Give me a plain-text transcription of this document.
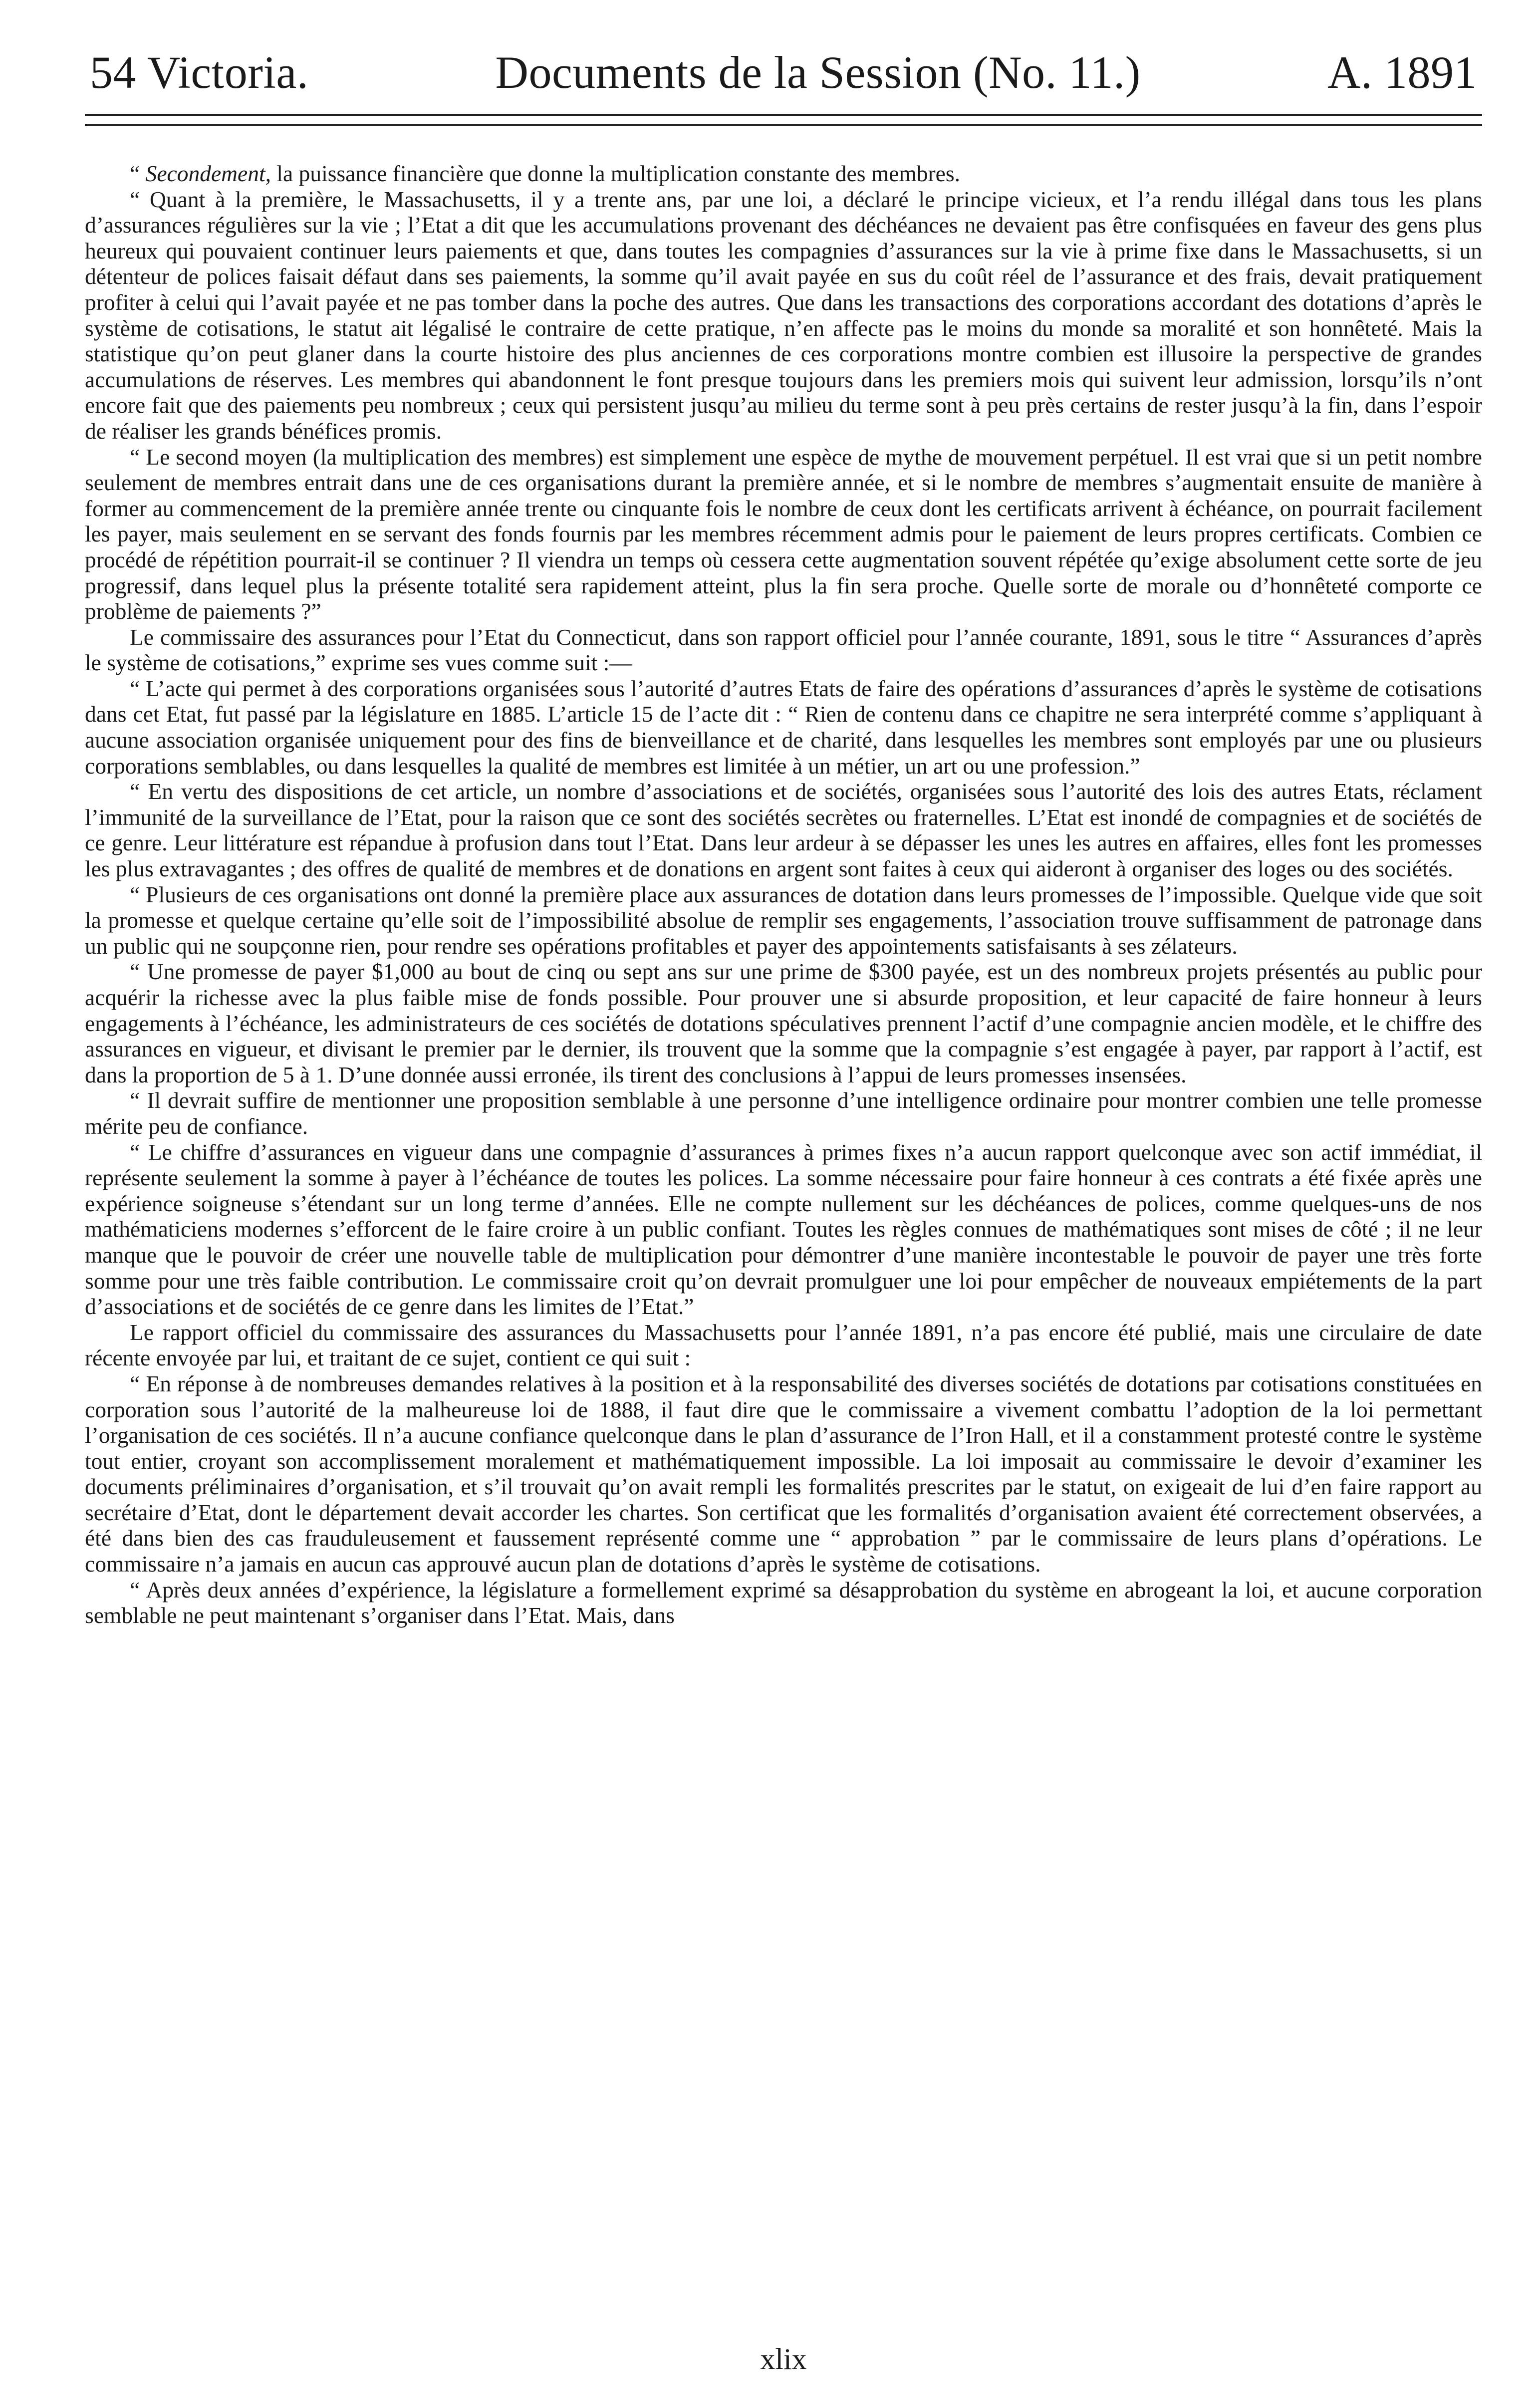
54 Victoria.	Documents de la Session (No. 11.)	A. 1891

“ Secondement, la puissance financière que donne la multiplication constante des membres.

“ Quant à la première, le Massachusetts, il y a trente ans, par une loi, a déclaré le principe vicieux, et l’a rendu illégal dans tous les plans d’assurances régulières sur la vie ; l’Etat a dit que les accumulations provenant des déchéances ne devaient pas être confisquées en faveur des gens plus heureux qui pouvaient continuer leurs paiements et que, dans toutes les compagnies d’assurances sur la vie à prime fixe dans le Massachusetts, si un détenteur de polices faisait défaut dans ses paiements, la somme qu’il avait payée en sus du coût réel de l’assurance et des frais, devait pratiquement profiter à celui qui l’avait payée et ne pas tomber dans la poche des autres. Que dans les transactions des corporations accordant des dotations d’après le système de cotisations, le statut ait légalisé le contraire de cette pratique, n’en affecte pas le moins du monde sa moralité et son honnêteté. Mais la statistique qu’on peut glaner dans la courte histoire des plus anciennes de ces corporations montre combien est illusoire la perspective de grandes accumulations de réserves. Les membres qui abandonnent le font presque toujours dans les premiers mois qui suivent leur admission, lorsqu’ils n’ont encore fait que des paiements peu nombreux ; ceux qui persistent jusqu’au milieu du terme sont à peu près certains de rester jusqu’à la fin, dans l’espoir de réaliser les grands bénéfices promis.

“ Le second moyen (la multiplication des membres) est simplement une espèce de mythe de mouvement perpétuel. Il est vrai que si un petit nombre seulement de membres entrait dans une de ces organisations durant la première année, et si le nombre de membres s’augmentait ensuite de manière à former au commencement de la première année trente ou cinquante fois le nombre de ceux dont les certificats arrivent à échéance, on pourrait facilement les payer, mais seulement en se servant des fonds fournis par les membres récemment admis pour le paiement de leurs propres certificats. Combien ce procédé de répétition pourrait-il se continuer ? Il viendra un temps où cessera cette augmentation souvent répétée qu’exige absolument cette sorte de jeu progressif, dans lequel plus la présente totalité sera rapidement atteint, plus la fin sera proche. Quelle sorte de morale ou d’honnêteté comporte ce problème de paiements ?”

Le commissaire des assurances pour l’Etat du Connecticut, dans son rapport officiel pour l’année courante, 1891, sous le titre “ Assurances d’après le système de cotisations,” exprime ses vues comme suit :—

“ L’acte qui permet à des corporations organisées sous l’autorité d’autres Etats de faire des opérations d’assurances d’après le système de cotisations dans cet Etat, fut passé par la législature en 1885. L’article 15 de l’acte dit : “ Rien de contenu dans ce chapitre ne sera interprété comme s’appliquant à aucune association organisée uniquement pour des fins de bienveillance et de charité, dans lesquelles les membres sont employés par une ou plusieurs corporations semblables, ou dans lesquelles la qualité de membres est limitée à un métier, un art ou une profession.”

“ En vertu des dispositions de cet article, un nombre d’associations et de sociétés, organisées sous l’autorité des lois des autres Etats, réclament l’immunité de la surveillance de l’Etat, pour la raison que ce sont des sociétés secrètes ou fraternelles. L’Etat est inondé de compagnies et de sociétés de ce genre. Leur littérature est répandue à profusion dans tout l’Etat. Dans leur ardeur à se dépasser les unes les autres en affaires, elles font les promesses les plus extravagantes ; des offres de qualité de membres et de donations en argent sont faites à ceux qui aideront à organiser des loges ou des sociétés.

“ Plusieurs de ces organisations ont donné la première place aux assurances de dotation dans leurs promesses de l’impossible. Quelque vide que soit la promesse et quelque certaine qu’elle soit de l’impossibilité absolue de remplir ses engagements, l’association trouve suffisamment de patronage dans un public qui ne soupçonne rien, pour rendre ses opérations profitables et payer des appointements satisfaisants à ses zélateurs.

“ Une promesse de payer $1,000 au bout de cinq ou sept ans sur une prime de $300 payée, est un des nombreux projets présentés au public pour acquérir la richesse avec la plus faible mise de fonds possible. Pour prouver une si absurde proposition, et leur capacité de faire honneur à leurs engagements à l’échéance, les administrateurs de ces sociétés de dotations spéculatives prennent l’actif d’une compagnie ancien modèle, et le chiffre des assurances en vigueur, et divisant le premier par le dernier, ils trouvent que la somme que la compagnie s’est engagée à payer, par rapport à l’actif, est dans la proportion de 5 à 1. D’une donnée aussi erronée, ils tirent des conclusions à l’appui de leurs promesses insensées.

“ Il devrait suffire de mentionner une proposition semblable à une personne d’une intelligence ordinaire pour montrer combien une telle promesse mérite peu de confiance.

“ Le chiffre d’assurances en vigueur dans une compagnie d’assurances à primes fixes n’a aucun rapport quelconque avec son actif immédiat, il représente seulement la somme à payer à l’échéance de toutes les polices. La somme nécessaire pour faire honneur à ces contrats a été fixée après une expérience soigneuse s’étendant sur un long terme d’années. Elle ne compte nullement sur les déchéances de polices, comme quelques-uns de nos mathématiciens modernes s’efforcent de le faire croire à un public confiant. Toutes les règles connues de mathématiques sont mises de côté ; il ne leur manque que le pouvoir de créer une nouvelle table de multiplication pour démontrer d’une manière incontestable le pouvoir de payer une très forte somme pour une très faible contribution. Le commissaire croit qu’on devrait promulguer une loi pour empêcher de nouveaux empiétements de la part d’associations et de sociétés de ce genre dans les limites de l’Etat.”

Le rapport officiel du commissaire des assurances du Massachusetts pour l’année 1891, n’a pas encore été publié, mais une circulaire de date récente envoyée par lui, et traitant de ce sujet, contient ce qui suit :

“ En réponse à de nombreuses demandes relatives à la position et à la responsabilité des diverses sociétés de dotations par cotisations constituées en corporation sous l’autorité de la malheureuse loi de 1888, il faut dire que le commissaire a vivement combattu l’adoption de la loi permettant l’organisation de ces sociétés. Il n’a aucune confiance quelconque dans le plan d’assurance de l’Iron Hall, et il a constamment protesté contre le système tout entier, croyant son accomplissement moralement et mathématiquement impossible. La loi imposait au commissaire le devoir d’examiner les documents préliminaires d’organisation, et s’il trouvait qu’on avait rempli les formalités prescrites par le statut, on exigeait de lui d’en faire rapport au secrétaire d’Etat, dont le département devait accorder les chartes. Son certificat que les formalités d’organisation avaient été correctement observées, a été dans bien des cas frauduleusement et faussement représenté comme une “ approbation ” par le commissaire de leurs plans d’opérations. Le commissaire n’a jamais en aucun cas approuvé aucun plan de dotations d’après le système de cotisations.

“ Après deux années d’expérience, la législature a formellement exprimé sa désapprobation du système en abrogeant la loi, et aucune corporation semblable ne peut maintenant s’organiser dans l’Etat. Mais, dans

xlix
